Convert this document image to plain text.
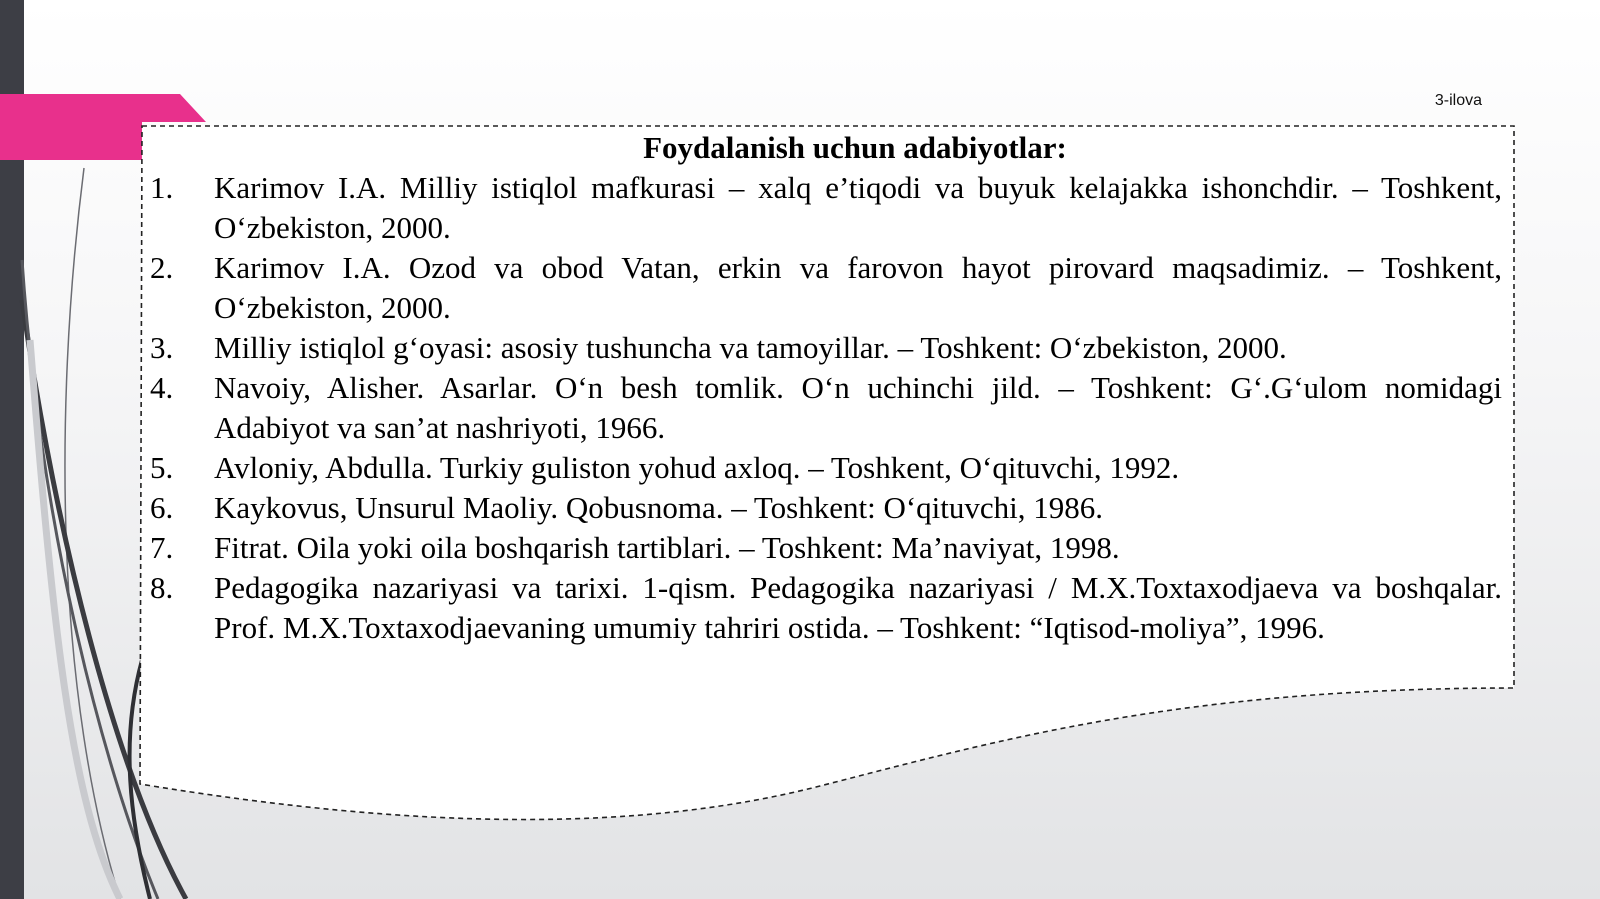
3-ilova
Foydalanish uchun adabiyotlar:
1.	Karimov I.A. Milliy istiqlol mafkurasi – xalq e’tiqodi va buyuk kelajakka ishonchdir. – Toshkent, O‘zbekiston, 2000.
2.	Karimov I.A. Ozod va obod Vatan, erkin va farovon hayot pirovard maqsadimiz. – Toshkent, O‘zbekiston, 2000.
3.	Milliy istiqlol g‘oyasi: asosiy tushuncha va tamoyillar. – Toshkent: O‘zbekiston, 2000.
4.	Navoiy, Alisher. Asarlar. O‘n besh tomlik. O‘n uchinchi jild. – Toshkent: G‘.G‘ulom nomidagi Adabiyot va san’at nashriyoti, 1966.
5.	Avloniy, Abdulla. Turkiy guliston yohud axloq. – Toshkent, O‘qituvchi, 1992.
6.	Kaykovus, Unsurul Maoliy. Qobusnoma. – Toshkent: O‘qituvchi, 1986.
7.	Fitrat. Oila yoki oila boshqarish tartiblari. – Toshkent: Ma’naviyat, 1998.
8.	Pedagogika nazariyasi va tarixi. 1-qism. Pedagogika nazariyasi / M.X.Toxtaxodjaeva va boshqalar. Prof. M.X.Toxtaxodjaevaning umumiy tahriri ostida. – Toshkent: “Iqtisod-moliya”, 1996.
